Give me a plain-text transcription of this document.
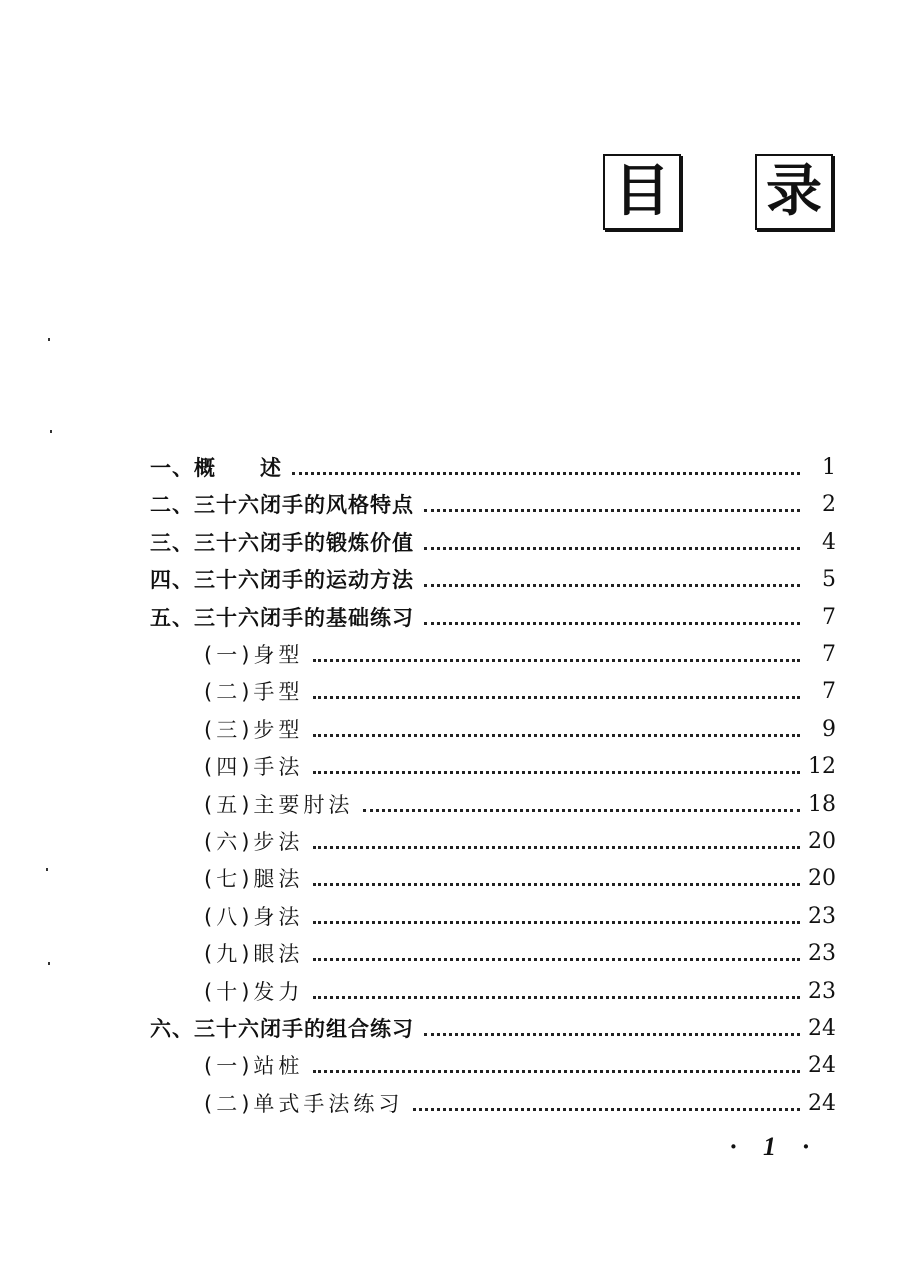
目 录
一、概　　述	1
二、三十六闭手的风格特点	2
三、三十六闭手的锻炼价值	4
四、三十六闭手的运动方法	5
五、三十六闭手的基础练习	7
(一)身型	7
(二)手型	7
(三)步型	9
(四)手法	12
(五)主要肘法	18
(六)步法	20
(七)腿法	20
(八)身法	23
(九)眼法	23
(十)发力	23
六、三十六闭手的组合练习	24
(一)站桩	24
(二)单式手法练习	24
· 1 ·
